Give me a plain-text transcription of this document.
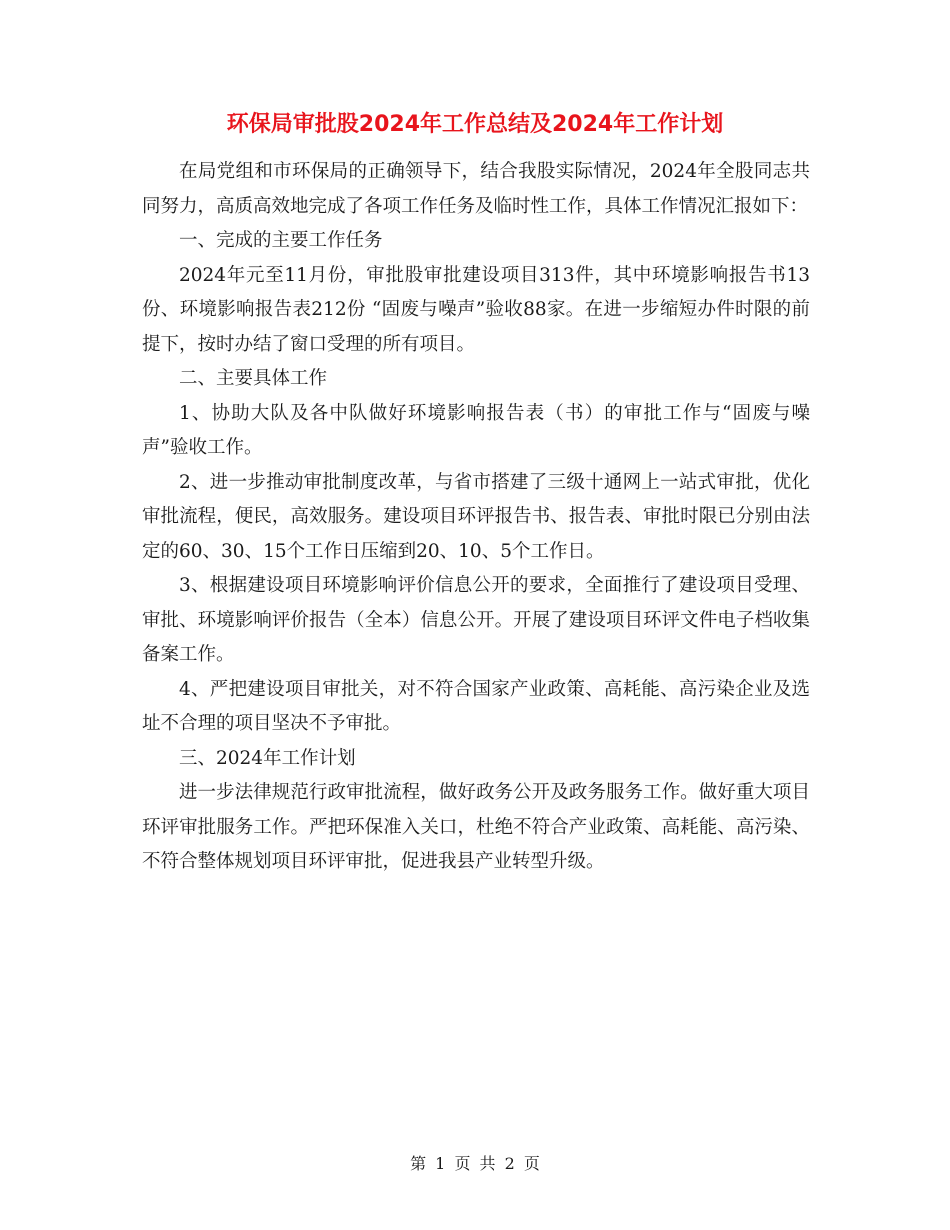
环保局审批股2024年工作总结及2024年工作计划

在局党组和市环保局的正确领导下，结合我股实际情况，2024年全股同志共同努力，高质高效地完成了各项工作任务及临时性工作，具体工作情况汇报如下：

一、完成的主要工作任务

2024年元至11月份，审批股审批建设项目313件，其中环境影响报告书13份、环境影响报告表212份 “固废与噪声”验收88家。在进一步缩短办件时限的前提下，按时办结了窗口受理的所有项目。

二、主要具体工作

1、协助大队及各中队做好环境影响报告表（书）的审批工作与“固废与噪声”验收工作。

2、进一步推动审批制度改革，与省市搭建了三级十通网上一站式审批，优化审批流程，便民，高效服务。建设项目环评报告书、报告表、审批时限已分别由法定的60、30、15个工作日压缩到20、10、5个工作日。

3、根据建设项目环境影响评价信息公开的要求，全面推行了建设项目受理、审批、环境影响评价报告（全本）信息公开。开展了建设项目环评文件电子档收集备案工作。

4、严把建设项目审批关，对不符合国家产业政策、高耗能、高污染企业及选址不合理的项目坚决不予审批。

三、2024年工作计划

进一步法律规范行政审批流程，做好政务公开及政务服务工作。做好重大项目环评审批服务工作。严把环保准入关口，杜绝不符合产业政策、高耗能、高污染、不符合整体规划项目环评审批，促进我县产业转型升级。

第 1 页 共 2 页
